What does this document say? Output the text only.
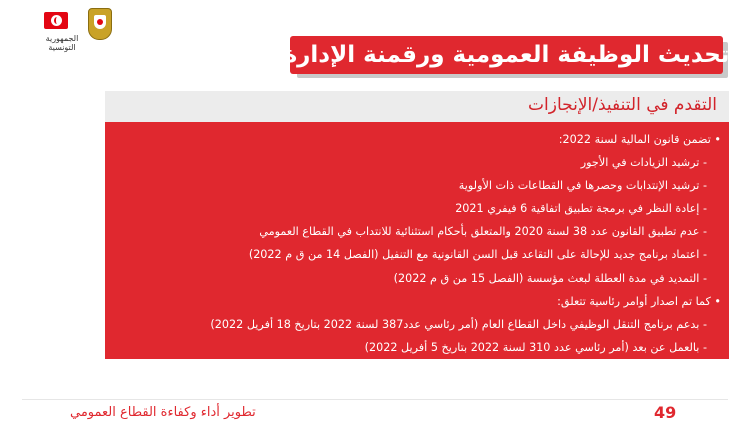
الجمهورية التونسية	تحديث الوظيفة العمومية ورقمنة الإدارة
التقدم في التنفيذ/الإنجازات
• تضمن قانون المالية لسنة 2022:
- ترشيد الزيادات في الأجور
- ترشيد الإنتدابات وحصرها في القطاعات ذات الأولوية
- إعادة النظر في برمجة تطبيق اتفاقية 6 فيفري 2021
- عدم تطبيق القانون عدد 38 لسنة 2020 والمتعلق بأحكام استثنائية للانتداب في القطاع العمومي
- اعتماد برنامج جديد للإحالة على التقاعد قبل السن القانونية مع التنفيل (الفصل 14 من ق م 2022)
- التمديد في مدة العطلة لبعث مؤسسة (الفصل 15 من ق م 2022)
• كما تم اصدار أوامر رئاسية تتعلق:
- بدعم برنامج التنقل الوظيفي داخل القطاع العام (أمر رئاسي عدد387 لسنة 2022 بتاريخ 18 أفريل 2022)
- بالعمل عن بعد (أمر رئاسي عدد 310 لسنة 2022 بتاريخ 5 أفريل 2022)
49
تطوير أداء وكفاءة القطاع العمومي
